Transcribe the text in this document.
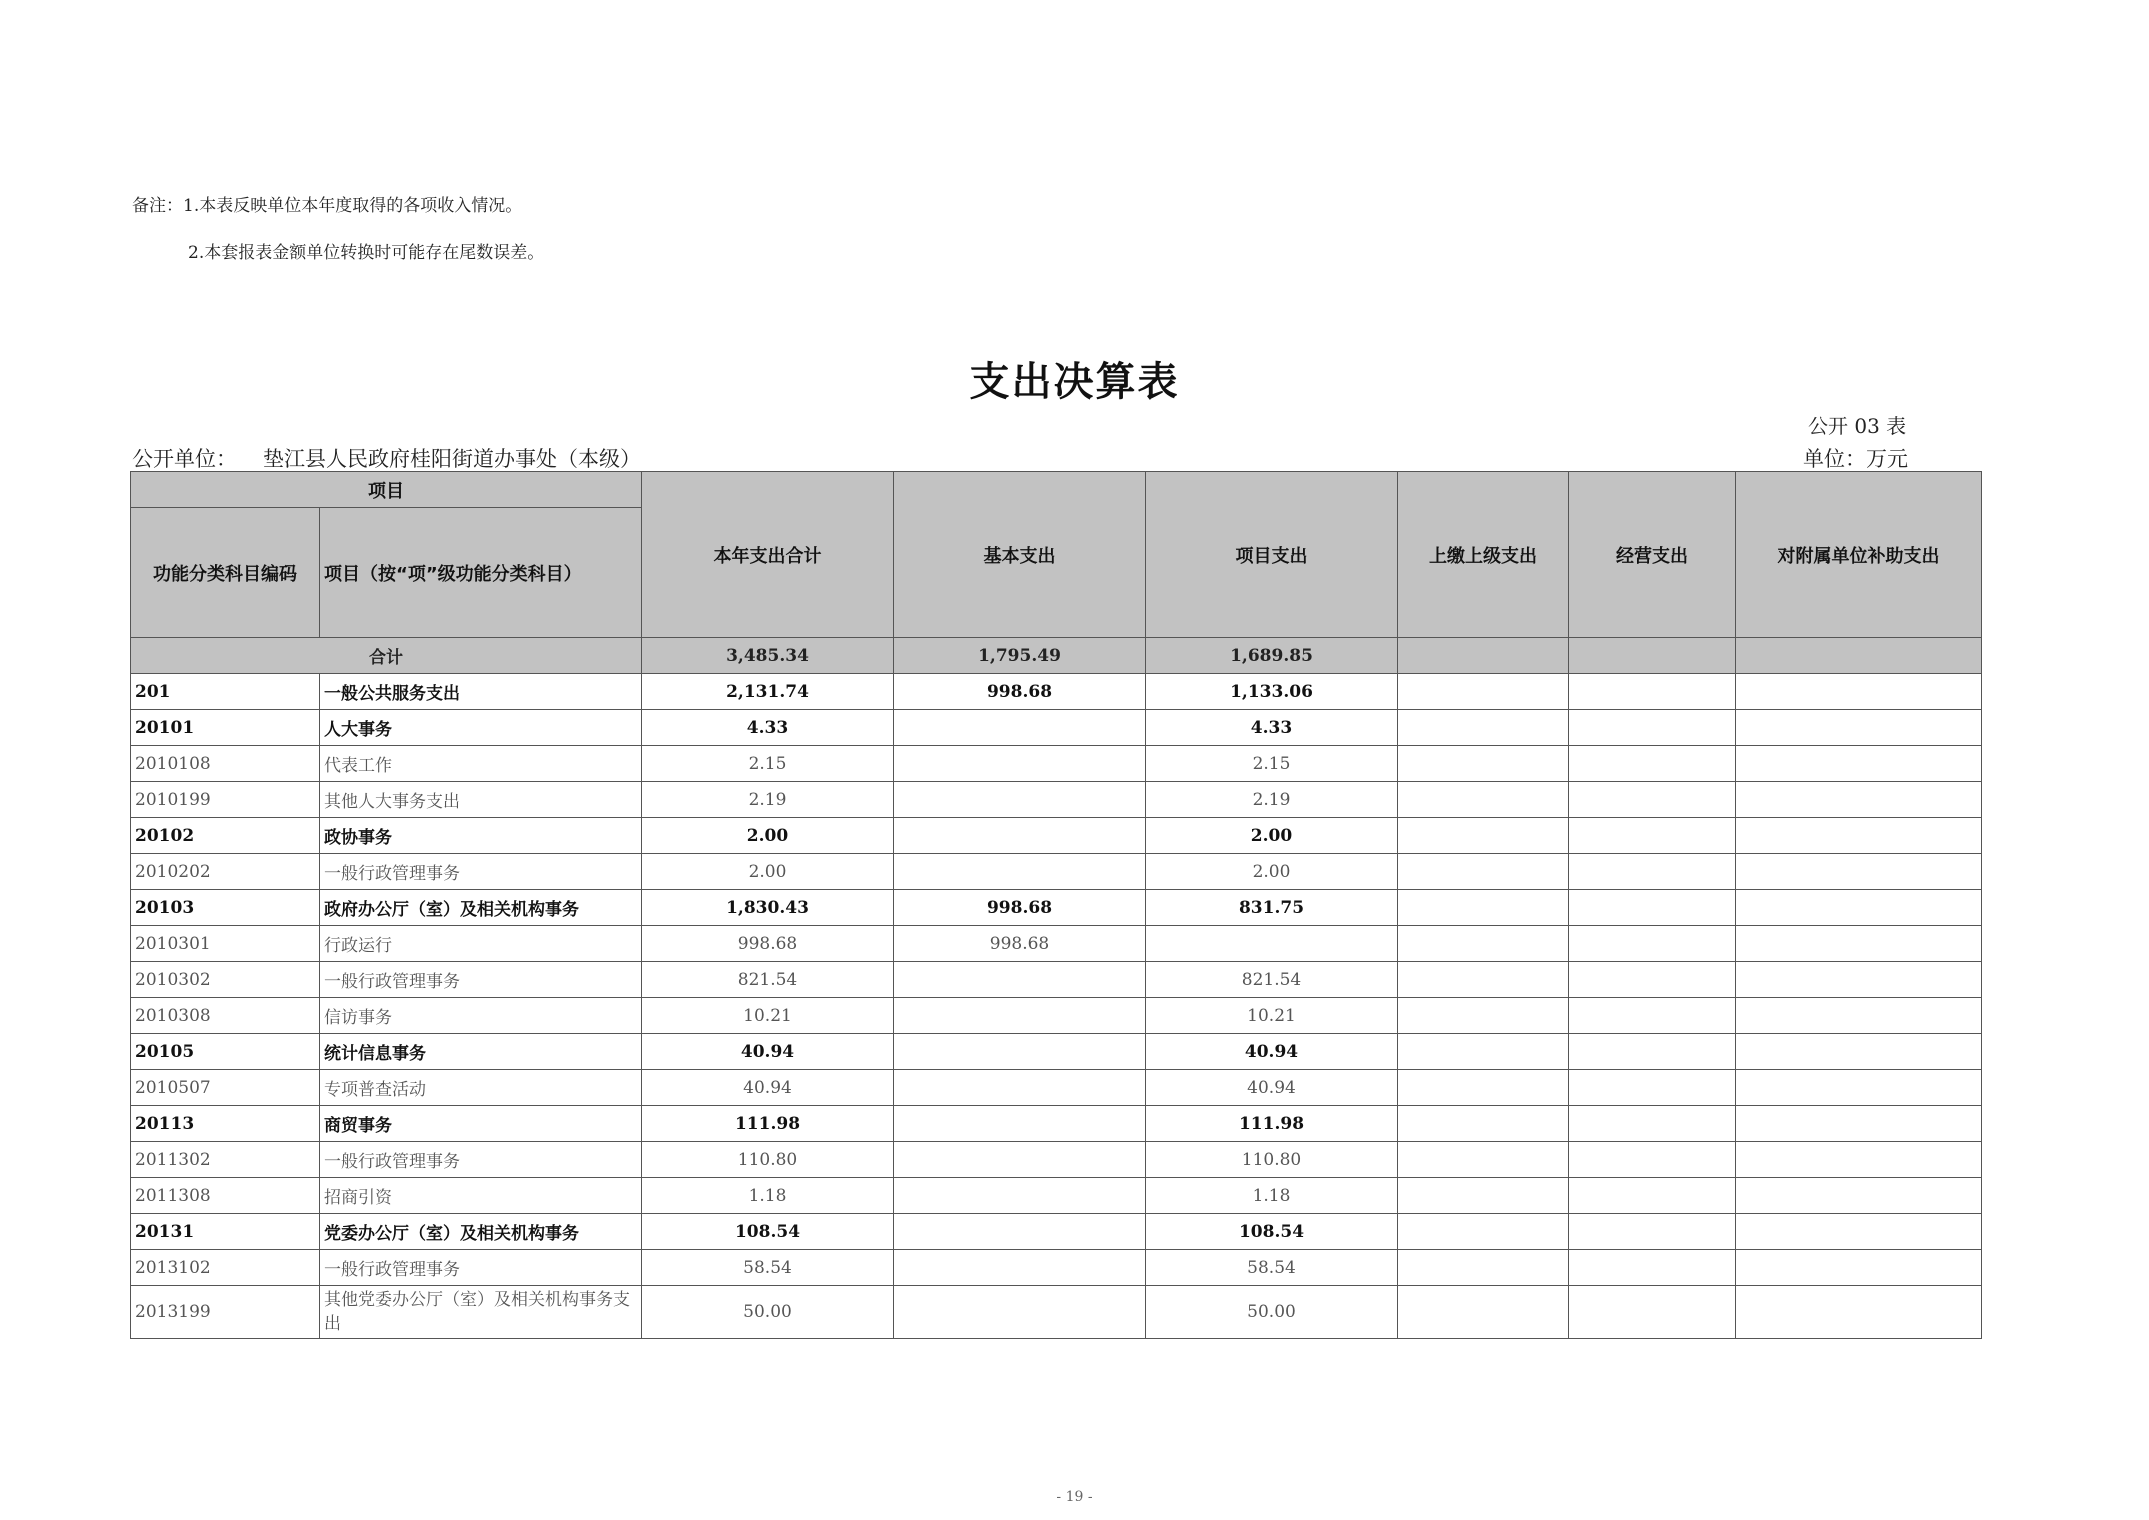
备注：1.本表反映单位本年度取得的各项收入情况。
2.本套报表金额单位转换时可能存在尾数误差。
支出决算表
公开 03 表
公开单位： 垫江县人民政府桂阳街道办事处（本级）	单位：万元
项目		本年支出合计	基本支出	项目支出	上缴上级支出	经营支出	对附属单位补助支出
功能分类科目编码	项目（按“项”级功能分类科目）						
合计		3,485.34	1,795.49	1,689.85			
201	一般公共服务支出	2,131.74	998.68	1,133.06			
20101	人大事务	4.33		4.33			
2010108	代表工作	2.15		2.15			
2010199	其他人大事务支出	2.19		2.19			
20102	政协事务	2.00		2.00			
2010202	一般行政管理事务	2.00		2.00			
20103	政府办公厅（室）及相关机构事务	1,830.43	998.68	831.75			
2010301	行政运行	998.68	998.68				
2010302	一般行政管理事务	821.54		821.54			
2010308	信访事务	10.21		10.21			
20105	统计信息事务	40.94		40.94			
2010507	专项普查活动	40.94		40.94			
20113	商贸事务	111.98		111.98			
2011302	一般行政管理事务	110.80		110.80			
2011308	招商引资	1.18		1.18			
20131	党委办公厅（室）及相关机构事务	108.54		108.54			
2013102	一般行政管理事务	58.54		58.54			
2013199	其他党委办公厅（室）及相关机构事务支出	50.00		50.00			
- 19 -
